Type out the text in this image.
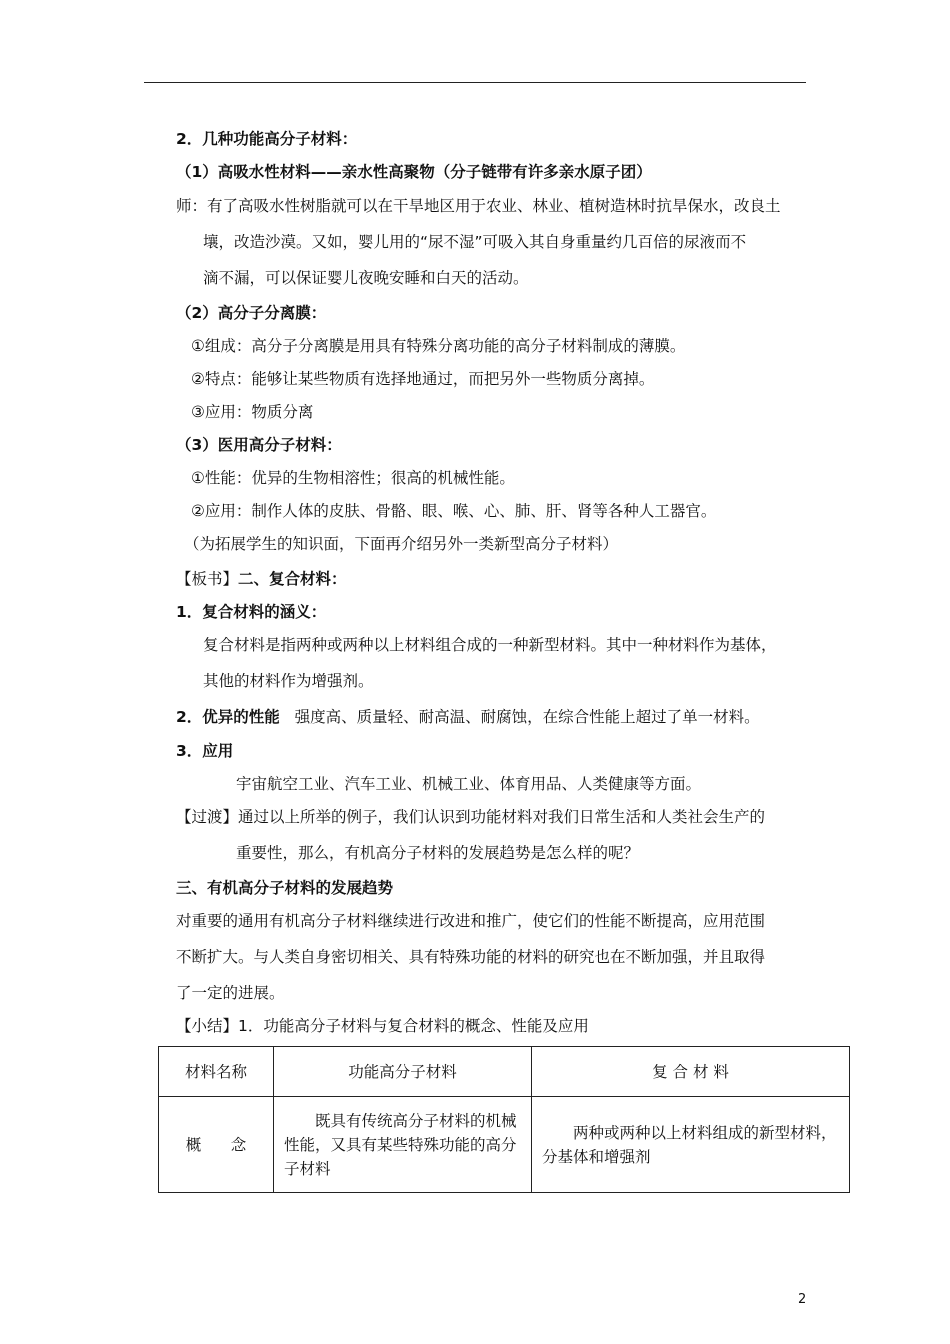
2．几种功能高分子材料：
（1）高吸水性材料——亲水性高聚物（分子链带有许多亲水原子团）
师：有了高吸水性树脂就可以在干旱地区用于农业、林业、植树造林时抗旱保水，改良土
壤，改造沙漠。又如，婴儿用的“尿不湿”可吸入其自身重量约几百倍的尿液而不
滴不漏，可以保证婴儿夜晚安睡和白天的活动。
（2）高分子分离膜：
①组成：高分子分离膜是用具有特殊分离功能的高分子材料制成的薄膜。
②特点：能够让某些物质有选择地通过，而把另外一些物质分离掉。
③应用：物质分离
（3）医用高分子材料：
①性能：优异的生物相溶性；很高的机械性能。
②应用：制作人体的皮肤、骨骼、眼、喉、心、肺、肝、肾等各种人工器官。
（为拓展学生的知识面，下面再介绍另外一类新型高分子材料）
【板书】二、复合材料：
1．复合材料的涵义：
复合材料是指两种或两种以上材料组合成的一种新型材料。其中一种材料作为基体，
其他的材料作为增强剂。
2．优异的性能   强度高、质量轻、耐高温、耐腐蚀，在综合性能上超过了单一材料。
3．应用
宇宙航空工业、汽车工业、机械工业、体育用品、人类健康等方面。
【过渡】通过以上所举的例子，我们认识到功能材料对我们日常生活和人类社会生产的
重要性，那么，有机高分子材料的发展趋势是怎么样的呢？
三、有机高分子材料的发展趋势
对重要的通用有机高分子材料继续进行改进和推广，使它们的性能不断提高，应用范围
不断扩大。与人类自身密切相关、具有特殊功能的材料的研究也在不断加强，并且取得
了一定的进展。
【小结】1．功能高分子材料与复合材料的概念、性能及应用
材料名称	功能高分子材料	复 合 材 料
概      念	既具有传统高分子材料的机械性能，又具有某些特殊功能的高分子材料	两种或两种以上材料组成的新型材料，分基体和增强剂
2
